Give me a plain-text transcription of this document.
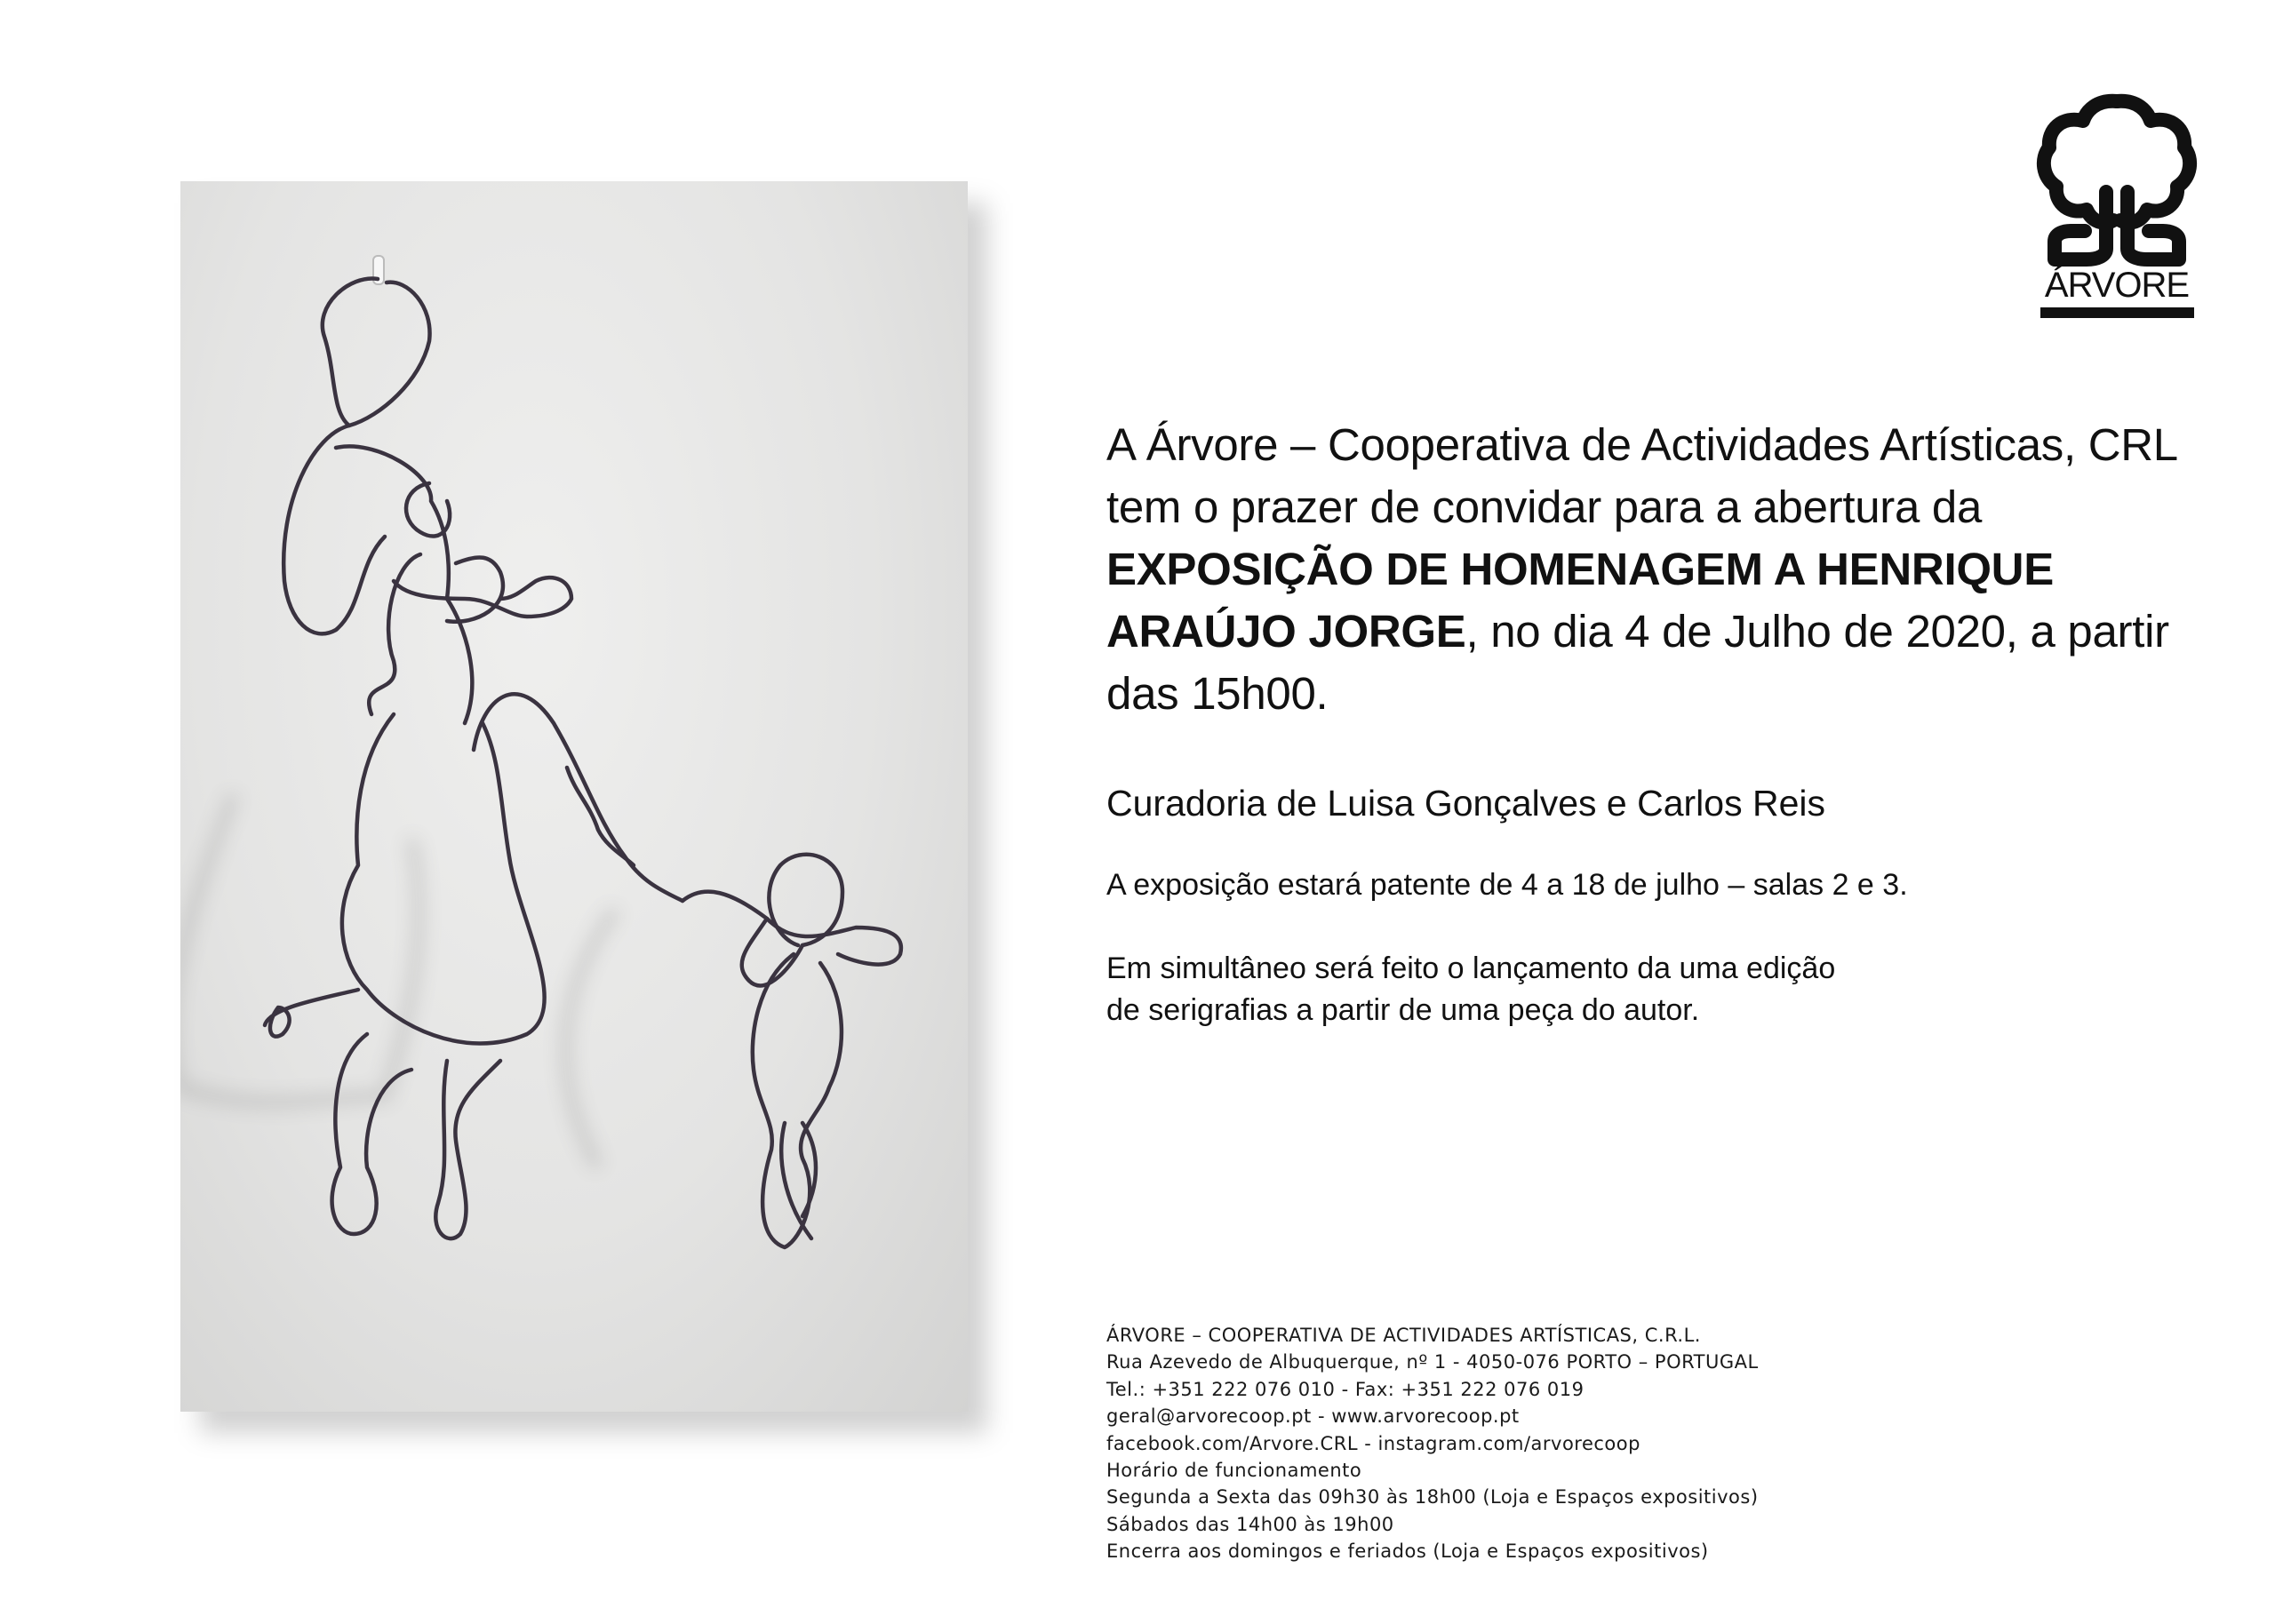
ÁRVORE
A Árvore – Cooperativa de Actividades Artísticas, CRL tem o prazer de convidar para a abertura da EXPOSIÇÃO DE HOMENAGEM A HENRIQUE ARAÚJO JORGE, no dia 4 de Julho de 2020, a partir das 15h00.
Curadoria de Luisa Gonçalves e Carlos Reis
A exposição estará patente de 4 a 18 de julho – salas 2 e 3.
Em simultâneo será feito o lançamento da uma edição
de serigrafias a partir de uma peça do autor.
ÁRVORE – COOPERATIVA DE ACTIVIDADES ARTÍSTICAS, C.R.L.
Rua Azevedo de Albuquerque, nº 1 - 4050-076 PORTO – PORTUGAL
Tel.: +351 222 076 010 - Fax: +351 222 076 019
geral@arvorecoop.pt - www.arvorecoop.pt
facebook.com/Arvore.CRL - instagram.com/arvorecoop
Horário de funcionamento
Segunda a Sexta das 09h30 às 18h00 (Loja e Espaços expositivos)
Sábados das 14h00 às 19h00
Encerra aos domingos e feriados (Loja e Espaços expositivos)
